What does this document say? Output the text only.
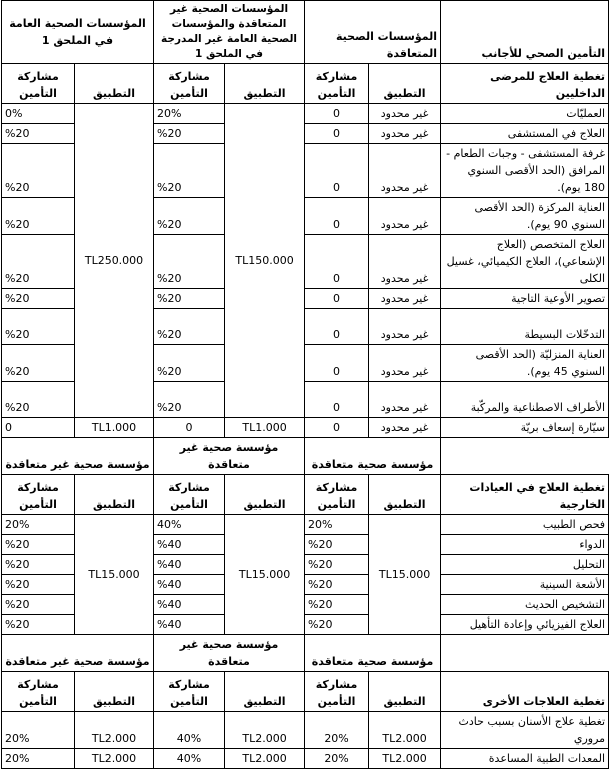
التأمين الصحي للأجانب	المؤسسات الصحية المتعاقدة		المؤسسات الصحية غير المتعاقدة والمؤسسات الصحية العامة غير المدرجة في الملحق 1		المؤسسات الصحية العامة في الملحق 1	
تغطية العلاج للمرضى الداخليين	التطبيق	مشاركة التأمين	التطبيق	مشاركة التأمين	التطبيق	مشاركة التأمين
العمليّات	غير محدود	0	TL150.000	20%	TL250.000	0%
العلاج في المستشفى	غير محدود	0		%20		%20
غرفة المستشفى - وجبات الطعام - المرافق (الحد الأقصى السنوي 180 يوم).	غير محدود	0		%20		%20
العناية المركزة (الحد الأقصى السنوي 90 يوم).	غير محدود	0		%20		%20
العلاج المتخصص (العلاج الإشعاعي)، العلاج الكيميائي، غسيل الكلى	غير محدود	0		%20		%20
تصوير الأوعية التاجية	غير محدود	0		%20		%20
التدخّلات البسيطة	غير محدود	0		%20		%20
العناية المنزليّة (الحد الأقصى السنوي 45 يوم).	غير محدود	0		%20		%20
الأطراف الاصطناعية والمركّبة	غير محدود	0		%20		%20
سيّارة إسعاف بريّة	غير محدود	0	TL1.000	0	TL1.000	0
	مؤسسة صحية متعاقدة		مؤسسة صحية غير متعاقدة		مؤسسة صحية غير متعاقدة	
تغطية العلاج في العيادات الخارجية	التطبيق	مشاركة التأمين	التطبيق	مشاركة التأمين	التطبيق	مشاركة التأمين
فحص الطبيب	TL15.000	20%	TL15.000	40%	TL15.000	20%
الدواء		%20		%40		%20
التحليل		%20		%40		%20
الأشعة السينية		%20		%40		%20
التشخيص الحديث		%20		%40		%20
العلاج الفيزيائي وإعادة التأهيل		%20		%40		%20
	مؤسسة صحية متعاقدة		مؤسسة صحية غير متعاقدة		مؤسسة صحية غير متعاقدة	
تغطية العلاجات الأخرى	التطبيق	مشاركة التأمين	التطبيق	مشاركة التأمين	التطبيق	مشاركة التأمين
تغطية علاج الأسنان بسبب حادث مروري	TL2.000	20%	TL2.000	40%	TL2.000	20%
المعدات الطبية المساعدة	TL2.000	20%	TL2.000	40%	TL2.000	20%
